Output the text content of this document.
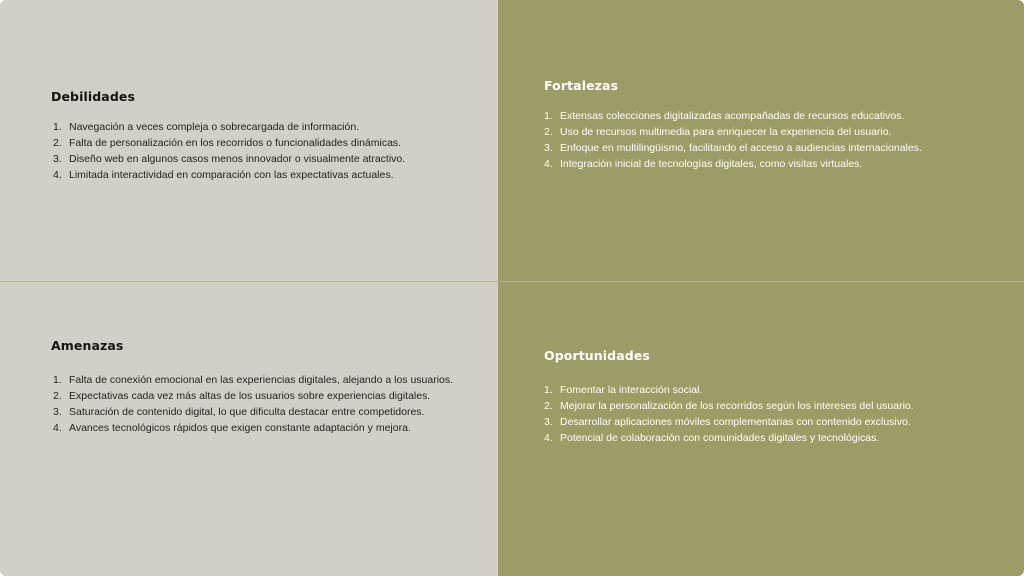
Debilidades
1. Navegación a veces compleja o sobrecargada de información.
2. Falta de personalización en los recorridos o funcionalidades dinámicas.
3. Diseño web en algunos casos menos innovador o visualmente atractivo.
4. Limitada interactividad en comparación con las expectativas actuales.
Fortalezas
1. Extensas colecciones digitalizadas acompañadas de recursos educativos.
2. Uso de recursos multimedia para enriquecer la experiencia del usuario.
3. Enfoque en multilingüismo, facilitando el acceso a audiencias internacionales.
4. Integración inicial de tecnologías digitales, como visitas virtuales.
Amenazas
1. Falta de conexión emocional en las experiencias digitales, alejando a los usuarios.
2. Expectativas cada vez más altas de los usuarios sobre experiencias digitales.
3. Saturación de contenido digital, lo que dificulta destacar entre competidores.
4. Avances tecnológicos rápidos que exigen constante adaptación y mejora.
Oportunidades
1. Fomentar la interacción social.
2. Mejorar la personalización de los recorridos según los intereses del usuario.
3. Desarrollar aplicaciones móviles complementarias con contenido exclusivo.
4. Potencial de colaboración con comunidades digitales y tecnológicas.
